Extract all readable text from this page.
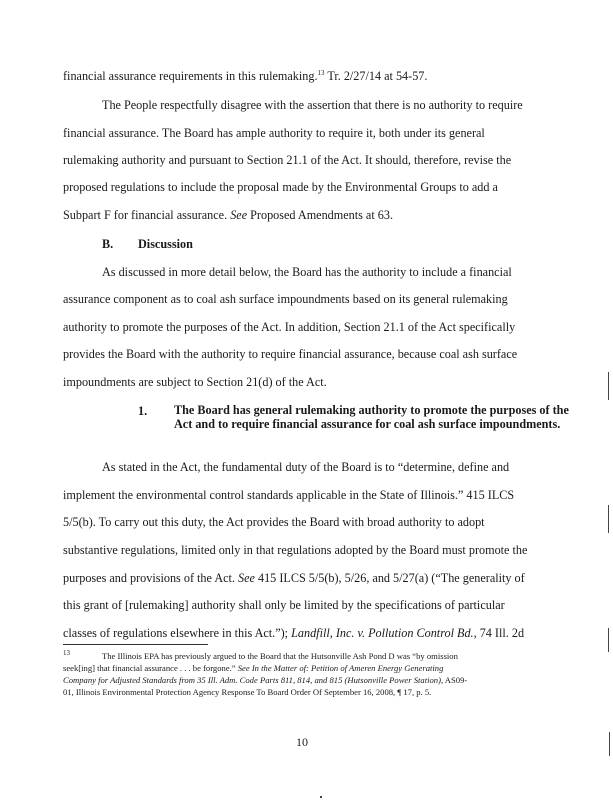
financial assurance requirements in this rulemaking.$^{13}$ Tr. 2/27/14 at 54-57.
The People respectfully disagree with the assertion that there is no authority to require
financial assurance. The Board has ample authority to require it, both under its general
rulemaking authority and pursuant to Section 21.1 of the Act. It should, therefore, revise the
proposed regulations to include the proposal made by the Environmental Groups to add a
Subpart F for financial assurance. See Proposed Amendments at 63.
B. Discussion
As discussed in more detail below, the Board has the authority to include a financial
assurance component as to coal ash surface impoundments based on its general rulemaking
authority to promote the purposes of the Act. In addition, Section 21.1 of the Act specifically
provides the Board with the authority to require financial assurance, because coal ash surface
impoundments are subject to Section 21(d) of the Act.
1. The Board has general rulemaking authority to promote the purposes of the Act and to require financial assurance for coal ash surface impoundments.
As stated in the Act, the fundamental duty of the Board is to “determine, define and
implement the environmental control standards applicable in the State of Illinois.” 415 ILCS
5/5(b). To carry out this duty, the Act provides the Board with broad authority to adopt
substantive regulations, limited only in that regulations adopted by the Board must promote the
purposes and provisions of the Act. See 415 ILCS 5/5(b), 5/26, and 5/27(a) (“The generality of
this grant of [rulemaking] authority shall only be limited by the specifications of particular
classes of regulations elsewhere in this Act.”); Landfill, Inc. v. Pollution Control Bd., 74 Ill. 2d
$^{13}$	The Illinois EPA has previously argued to the Board that the Hutsonville Ash Pond D was “by omission
seek[ing] that financial assurance . . . be forgone.” See In the Matter of: Petition of Ameren Energy Generating
Company for Adjusted Standards from 35 Ill. Adm. Code Parts 811, 814, and 815 (Hutsonville Power Station), AS09-
01, Illinois Environmental Protection Agency Response To Board Order Of September 16, 2008, ¶ 17, p. 5.
10
